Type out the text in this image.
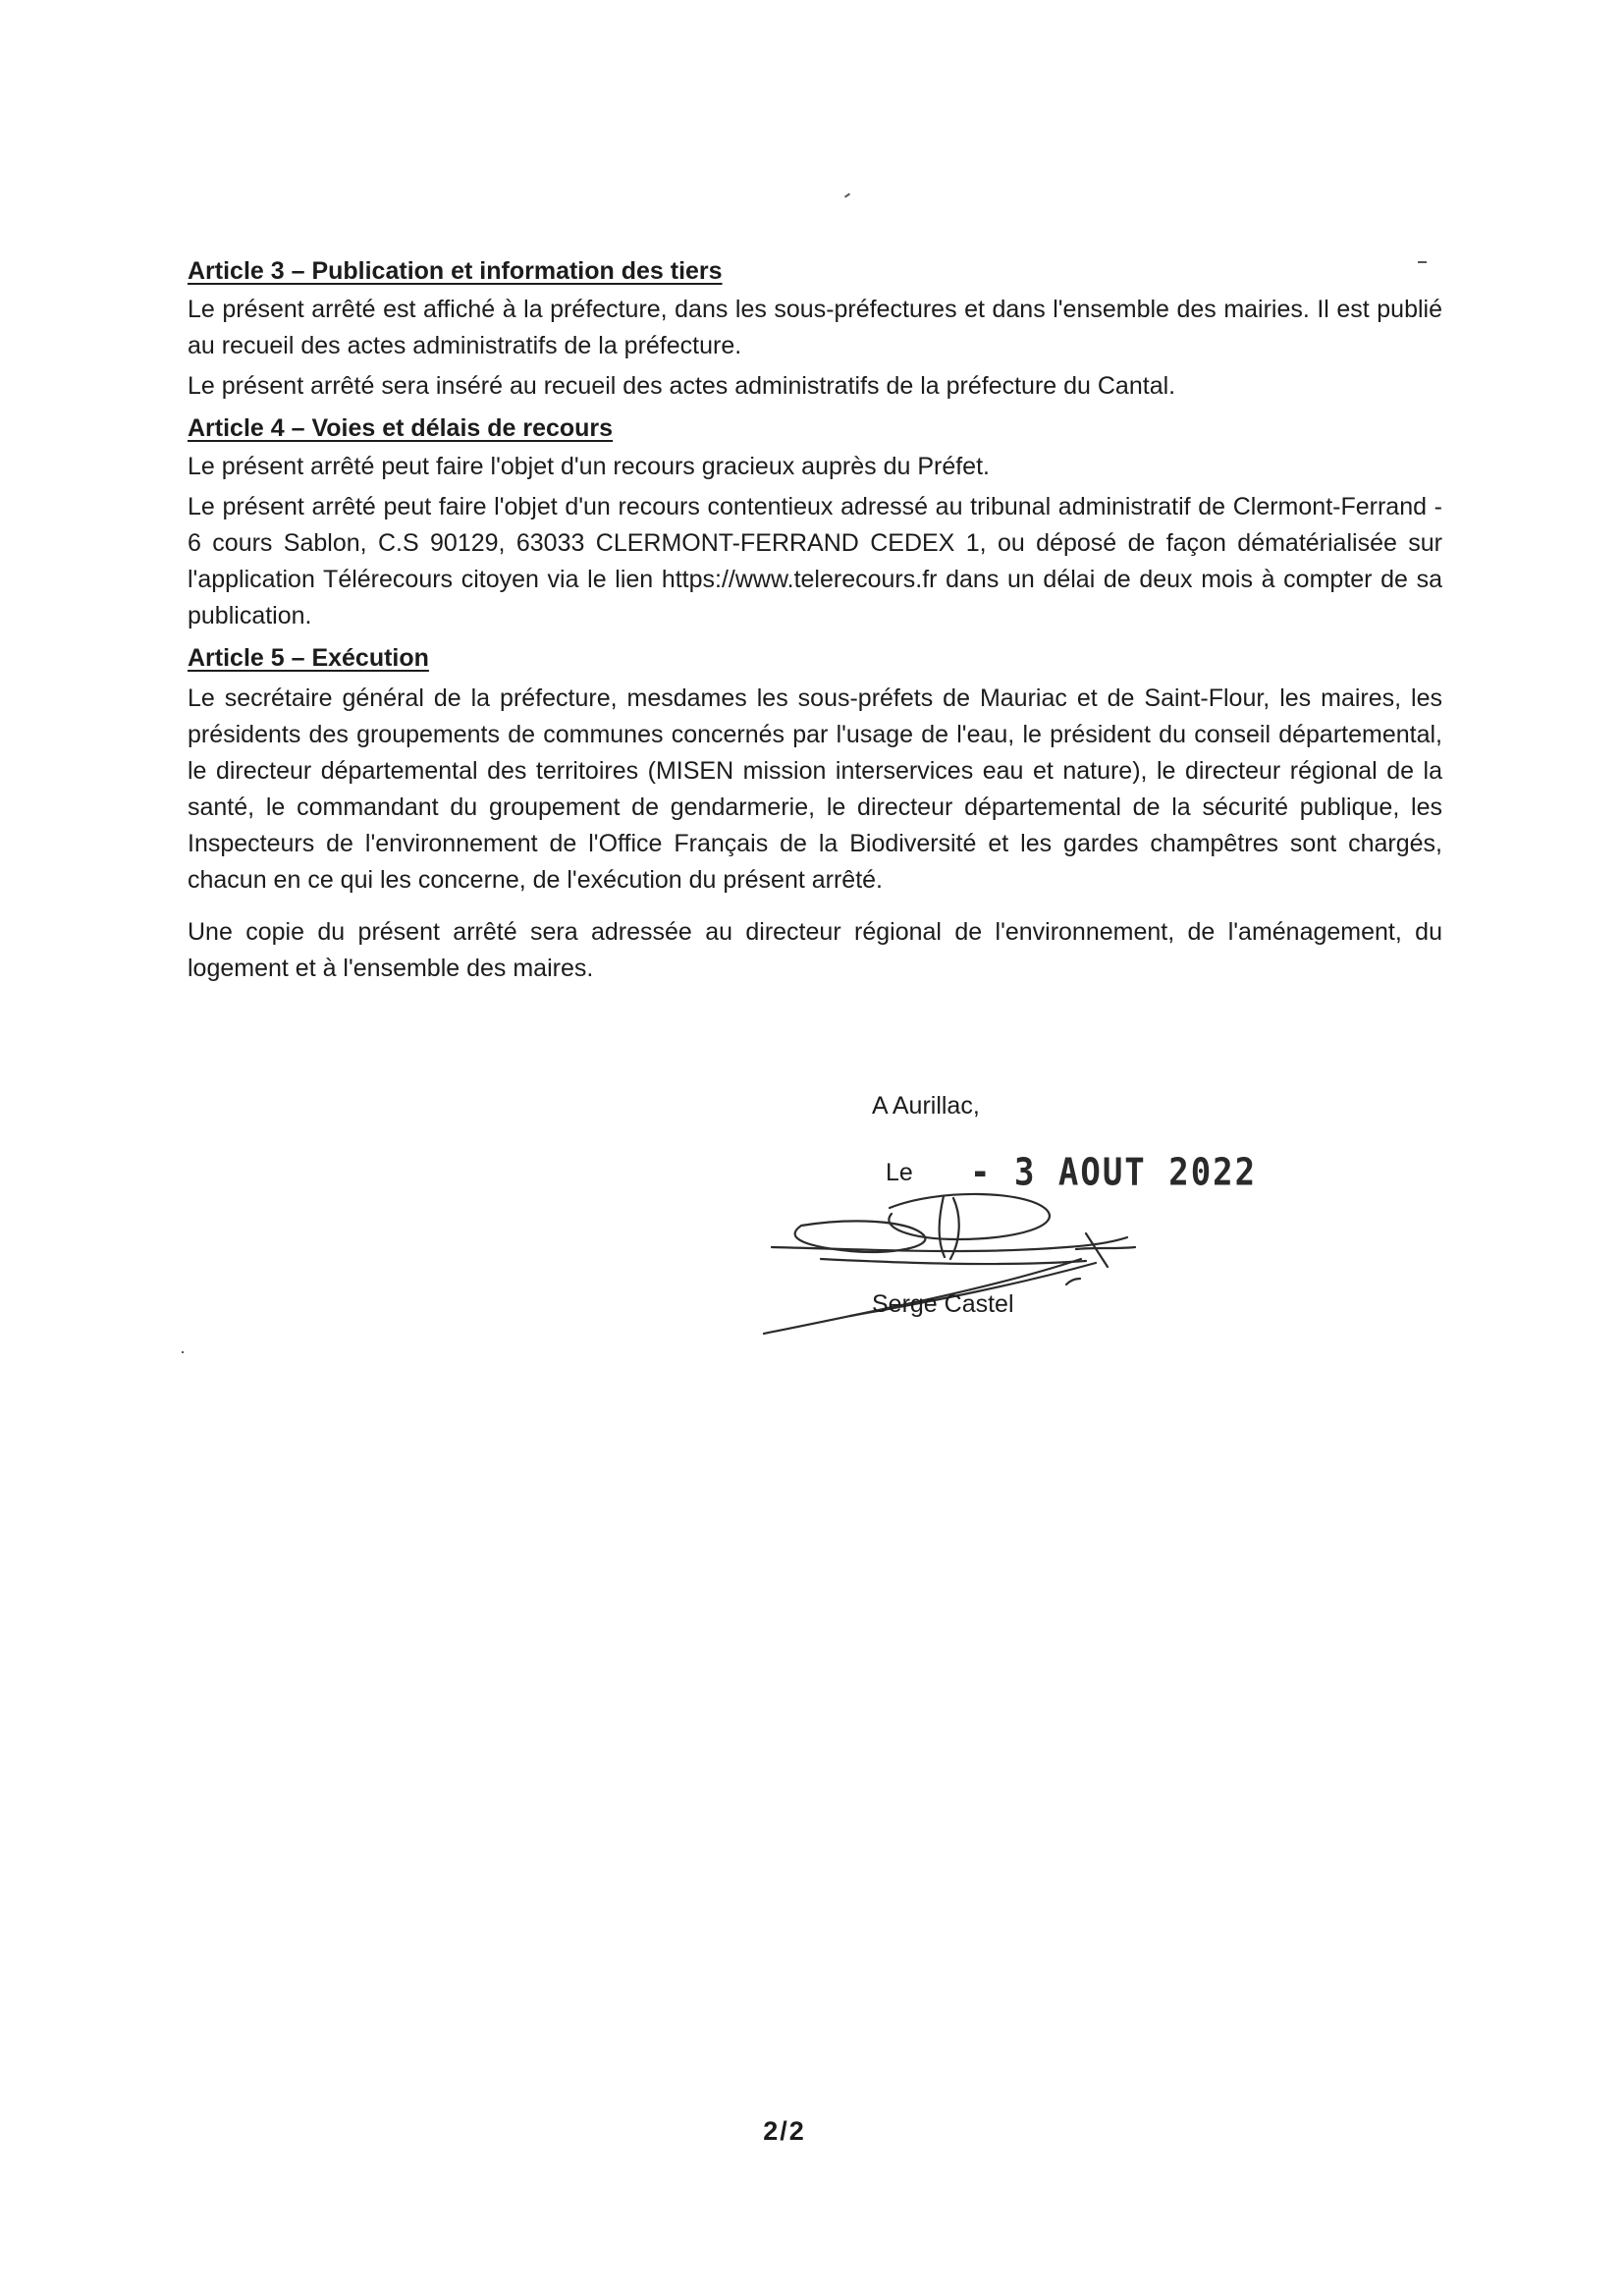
Article 3 – Publication et information des tiers

Le présent arrêté est affiché à la préfecture, dans les sous-préfectures et dans l'ensemble des mairies. Il est publié au recueil des actes administratifs de la préfecture.

Le présent arrêté sera inséré au recueil des actes administratifs de la préfecture du Cantal.

Article 4 – Voies et délais de recours

Le présent arrêté peut faire l'objet d'un recours gracieux auprès du Préfet.

Le présent arrêté peut faire l'objet d'un recours contentieux adressé au tribunal administratif de Clermont-Ferrand - 6 cours Sablon, C.S 90129, 63033 CLERMONT-FERRAND CEDEX 1, ou déposé de façon dématérialisée sur l'application Télérecours citoyen via le lien https://www.telerecours.fr dans un délai de deux mois à compter de sa publication.

Article 5 – Exécution

Le secrétaire général de la préfecture, mesdames les sous-préfets de Mauriac et de Saint-Flour, les maires, les présidents des groupements de communes concernés par l'usage de l'eau, le président du conseil départemental, le directeur départemental des territoires (MISEN mission interservices eau et nature), le directeur régional de la santé, le commandant du groupement de gendarmerie, le directeur départemental de la sécurité publique, les Inspecteurs de l'environnement de l'Office Français de la Biodiversité et les gardes champêtres sont chargés, chacun en ce qui les concerne, de l'exécution du présent arrêté.

Une copie du présent arrêté sera adressée au directeur régional de l'environnement, de l'aménagement, du logement et à l'ensemble des maires.

A Aurillac,
Le - 3 AOUT 2022
Serge Castel
2/2
